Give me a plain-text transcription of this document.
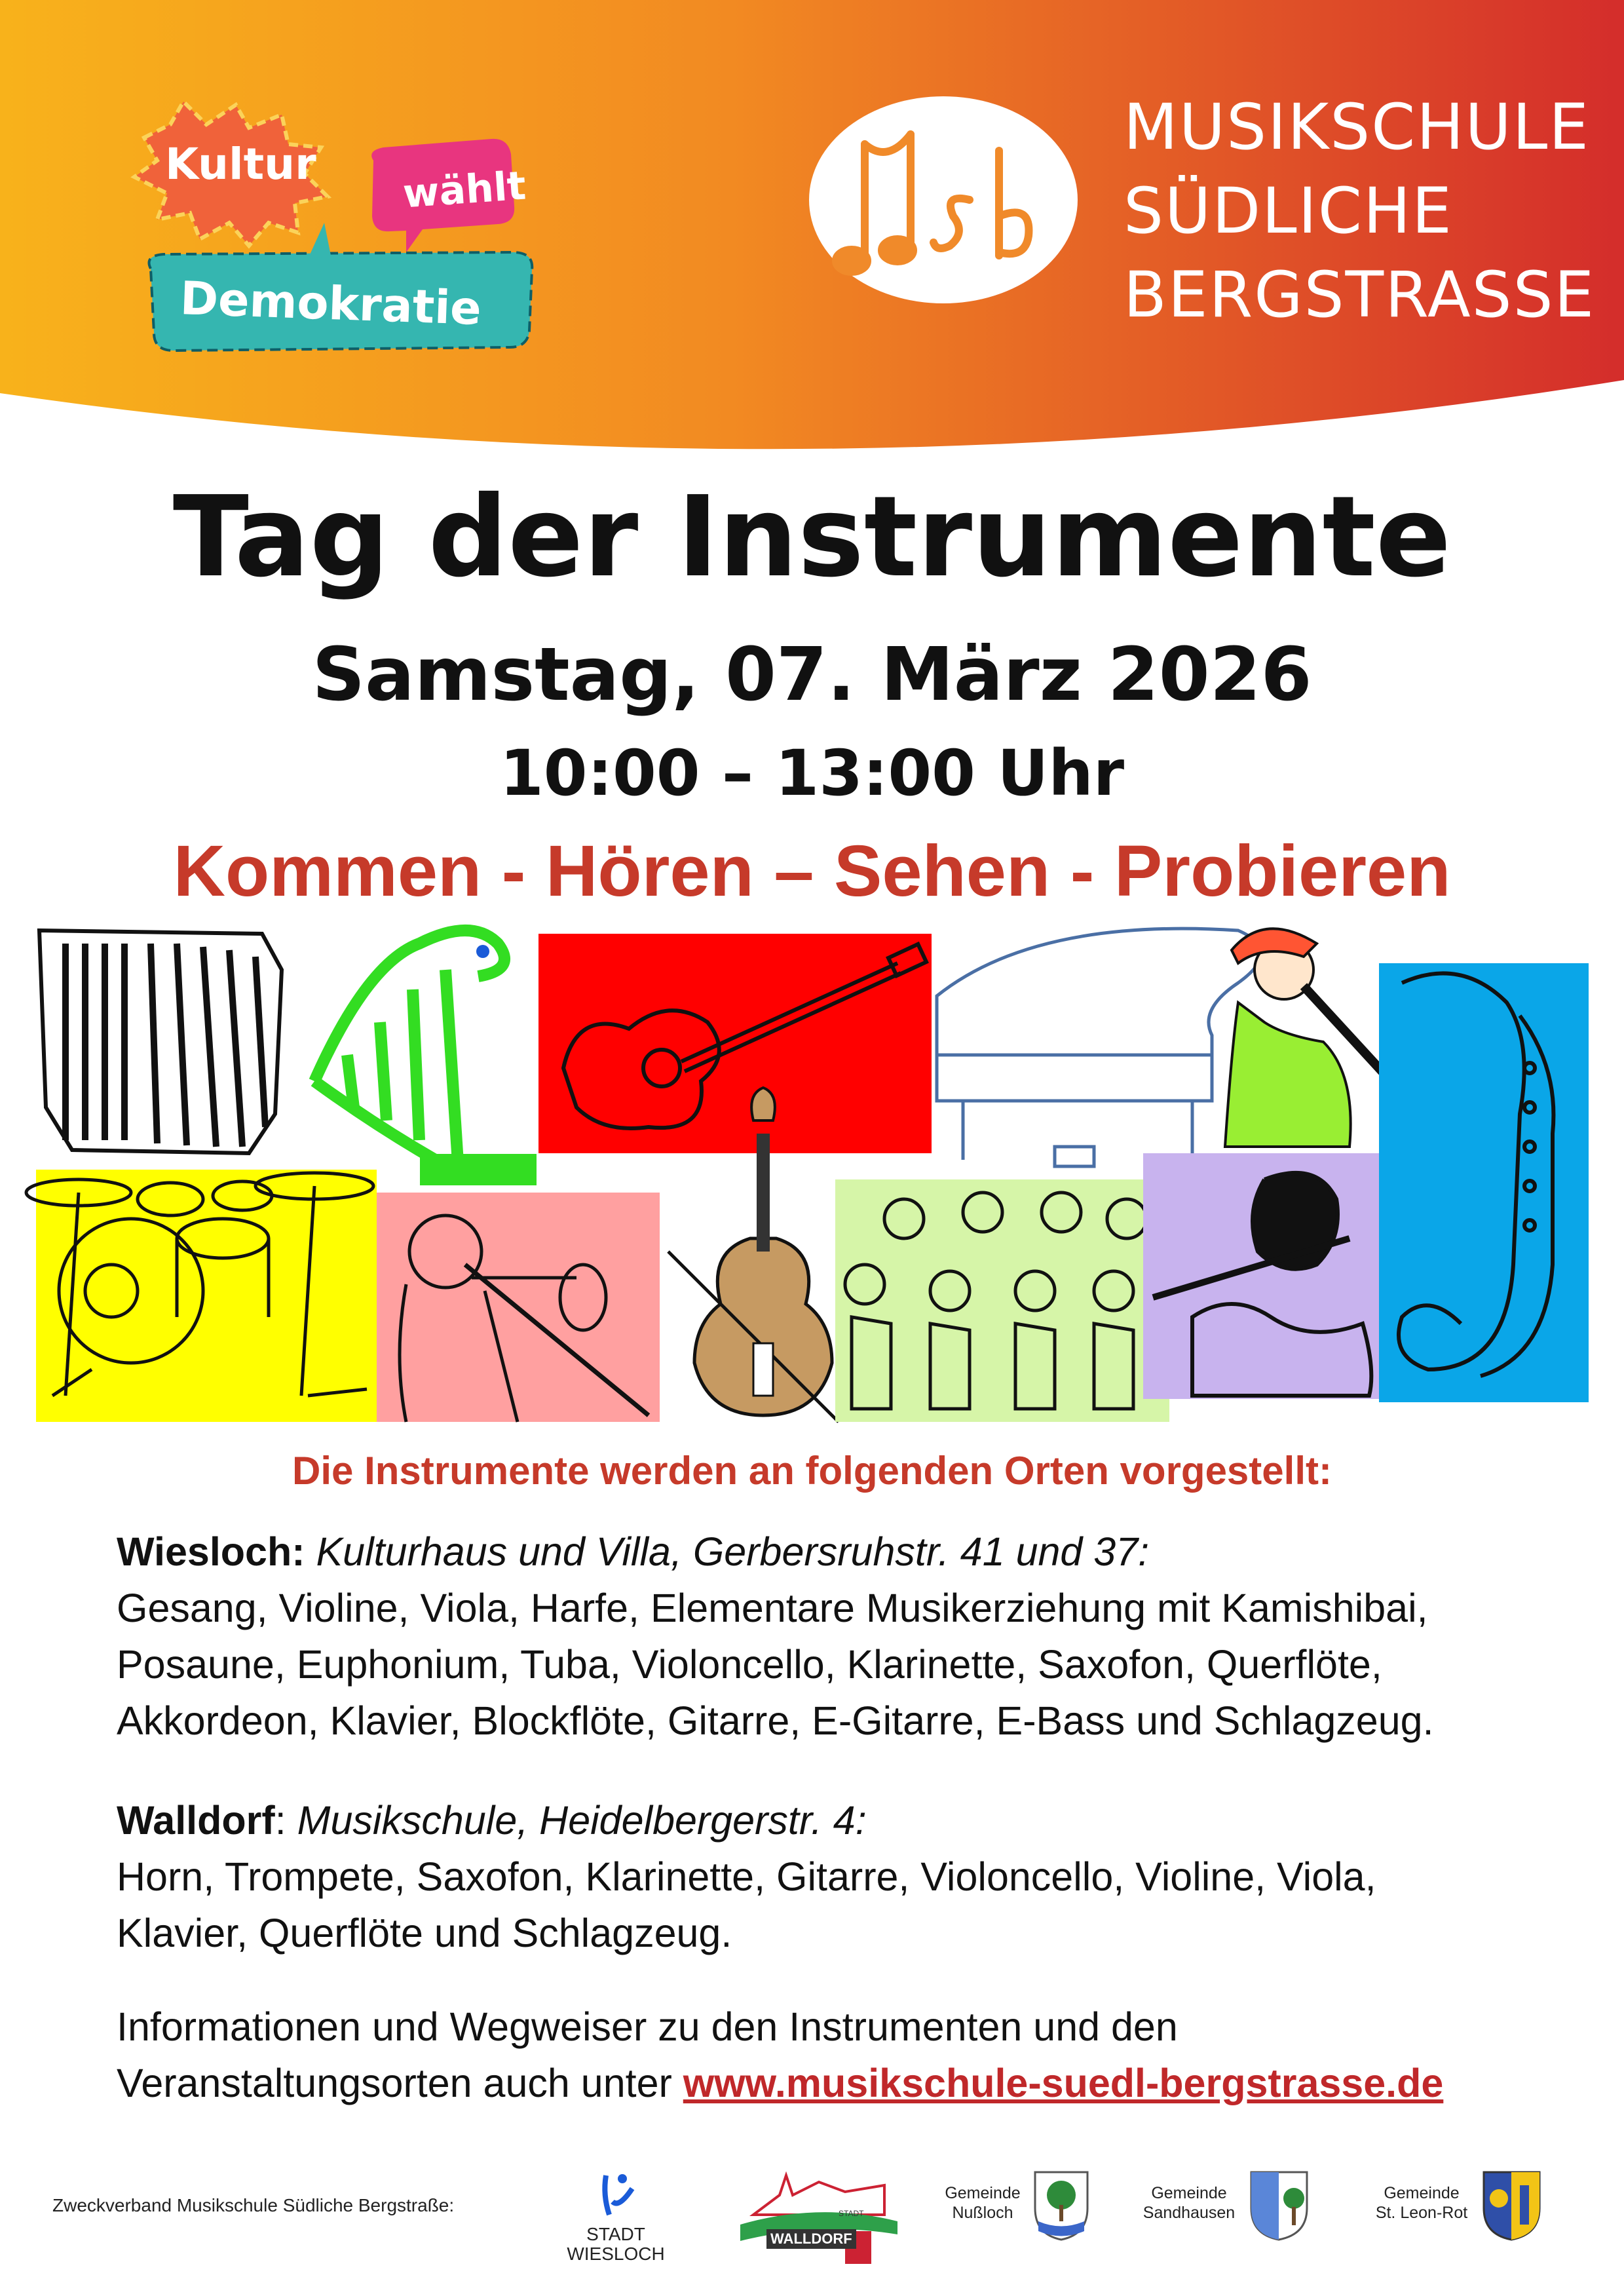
Kultur wählt
Demokratie
MUSIKSCHULE
SÜDLICHE
BERGSTRASSE
Tag der Instrumente
Samstag, 07. März 2026
10:00 – 13:00 Uhr
Kommen - Hören – Sehen - Probieren
Die Instrumente werden an folgenden Orten vorgestellt:
Wiesloch: Kulturhaus und Villa, Gerbersruhstr. 41 und 37:
Gesang, Violine, Viola, Harfe, Elementare Musikerziehung mit Kamishibai,
Posaune, Euphonium, Tuba, Violoncello, Klarinette, Saxofon, Querflöte,
Akkordeon, Klavier, Blockflöte, Gitarre, E-Gitarre, E-Bass und Schlagzeug.
Walldorf: Musikschule, Heidelbergerstr. 4:
Horn, Trompete, Saxofon, Klarinette, Gitarre, Violoncello, Violine, Viola,
Klavier, Querflöte und Schlagzeug.
Informationen und Wegweiser zu den Instrumenten und den
Veranstaltungsorten auch unter www.musikschule-suedl-bergstrasse.de
Zweckverband Musikschule Südliche Bergstraße:
STADT WIESLOCH
STADT
WALLDORF
Gemeinde
Nußloch
Gemeinde
Sandhausen
Gemeinde
St. Leon-Rot
